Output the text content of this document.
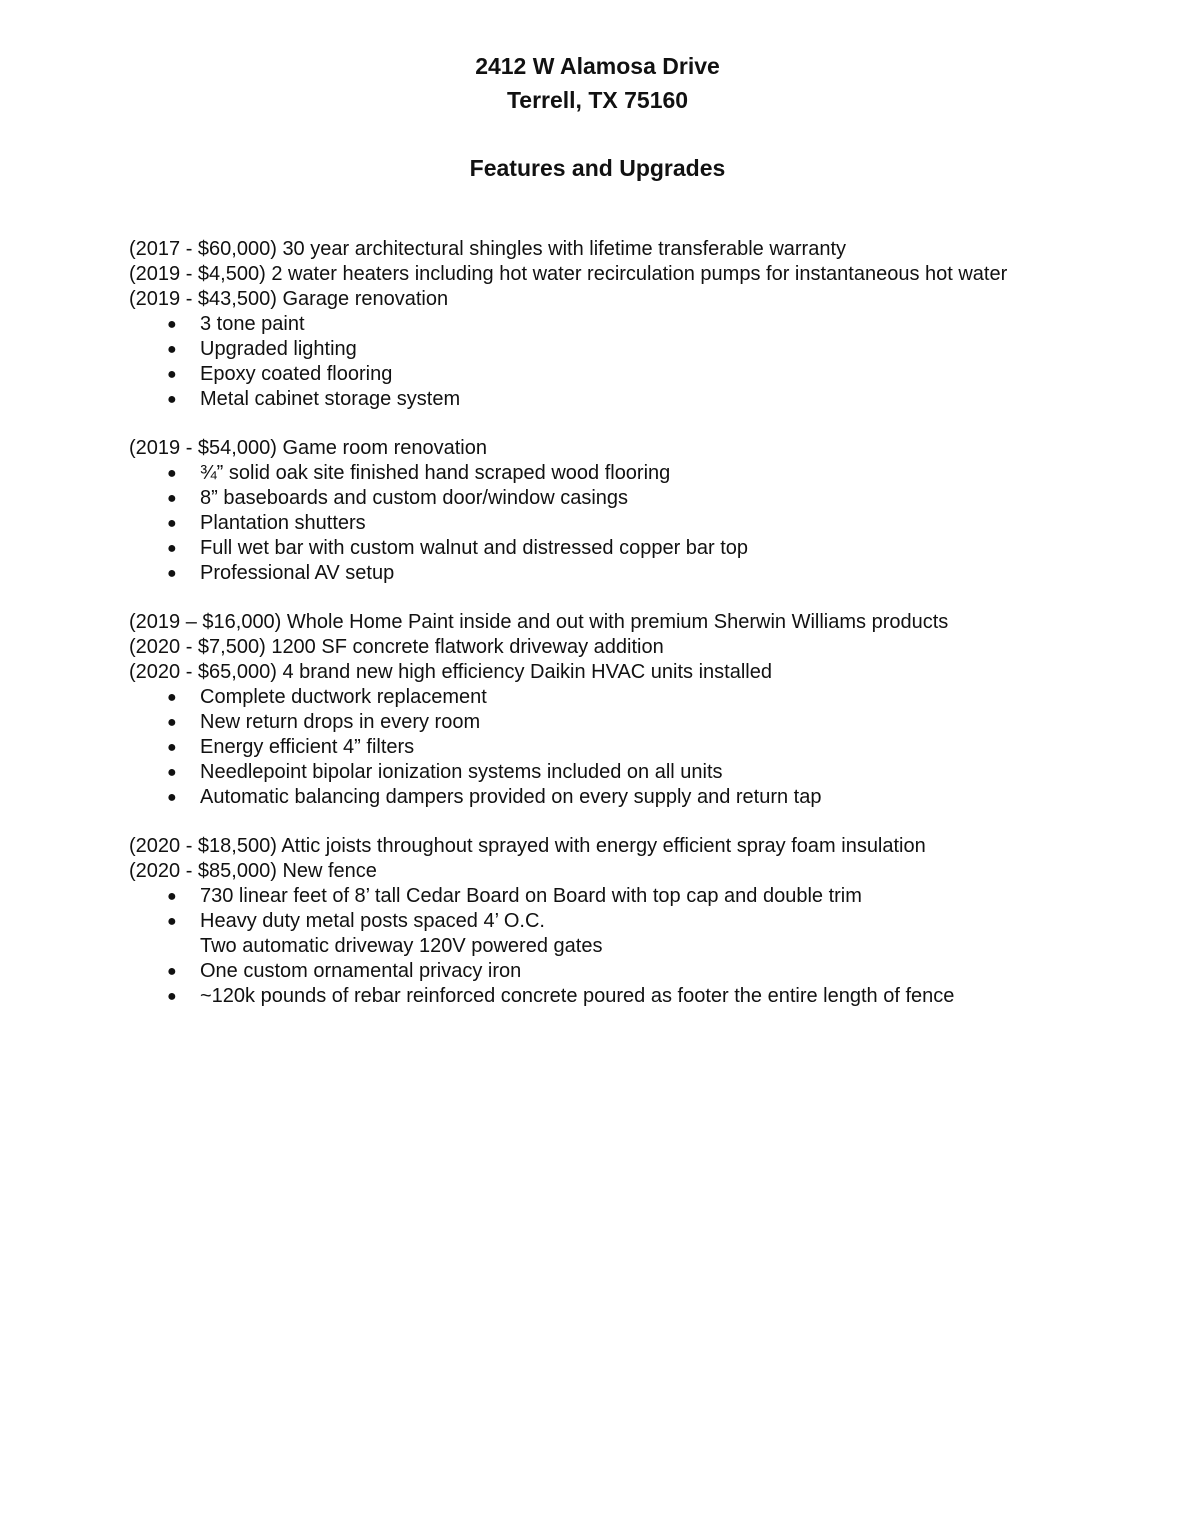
2412 W Alamosa Drive
Terrell, TX 75160
Features and Upgrades
(2017 - $60,000) 30 year architectural shingles with lifetime transferable warranty
(2019 - $4,500) 2 water heaters including hot water recirculation pumps for instantaneous hot water
(2019 - $43,500) Garage renovation
● 3 tone paint
● Upgraded lighting
● Epoxy coated flooring
● Metal cabinet storage system
(2019 - $54,000) Game room renovation
● ¾” solid oak site finished hand scraped wood flooring
● 8” baseboards and custom door/window casings
● Plantation shutters
● Full wet bar with custom walnut and distressed copper bar top
● Professional AV setup
(2019 – $16,000) Whole Home Paint inside and out with premium Sherwin Williams products
(2020 - $7,500) 1200 SF concrete flatwork driveway addition
(2020 - $65,000) 4 brand new high efficiency Daikin HVAC units installed
● Complete ductwork replacement
● New return drops in every room
● Energy efficient 4” filters
● Needlepoint bipolar ionization systems included on all units
● Automatic balancing dampers provided on every supply and return tap
(2020 - $18,500) Attic joists throughout sprayed with energy efficient spray foam insulation
(2020 - $85,000) New fence
● 730 linear feet of 8’ tall Cedar Board on Board with top cap and double trim
● Heavy duty metal posts spaced 4’ O.C.
Two automatic driveway 120V powered gates
● One custom ornamental privacy iron
● ~120k pounds of rebar reinforced concrete poured as footer the entire length of fence
